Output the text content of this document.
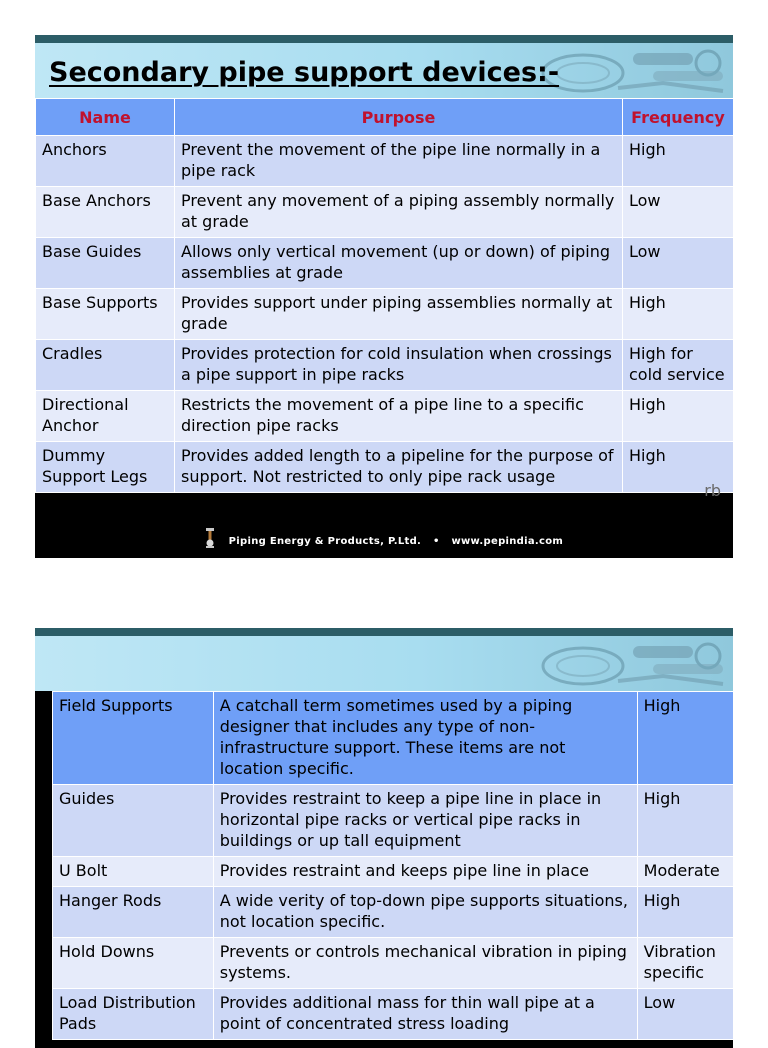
Secondary pipe support devices:-
Name	Purpose	Frequency
Anchors	Prevent the movement of the pipe line normally in a pipe rack	High
Base Anchors	Prevent any movement of a piping assembly normally at grade	Low
Base Guides	Allows only vertical movement (up or down) of piping assemblies at grade	Low
Base Supports	Provides support under piping assemblies normally at grade	High
Cradles	Provides protection for cold insulation when crossings a pipe support in pipe racks	High for cold service
Directional Anchor	Restricts the movement of a pipe line to a specific direction pipe racks	High
Dummy Support Legs	Provides added length to a pipeline for the purpose of support. Not restricted to only pipe rack usage	High
rb
Piping Energy & Products, P.Ltd. • www.pepindia.com
Field Supports	A catchall term sometimes used by a piping designer that includes any type of non-infrastructure support. These items are not location specific.	High
Guides	Provides restraint to keep a pipe line in place in horizontal pipe racks or vertical pipe racks in buildings or up tall equipment	High
U Bolt	Provides restraint and keeps pipe line in place	Moderate
Hanger Rods	A wide verity of top-down pipe supports situations, not location specific.	High
Hold Downs	Prevents or controls mechanical vibration in piping systems.	Vibration specific
Load Distribution Pads	Provides additional mass for thin wall pipe at a point of concentrated stress loading	Low
